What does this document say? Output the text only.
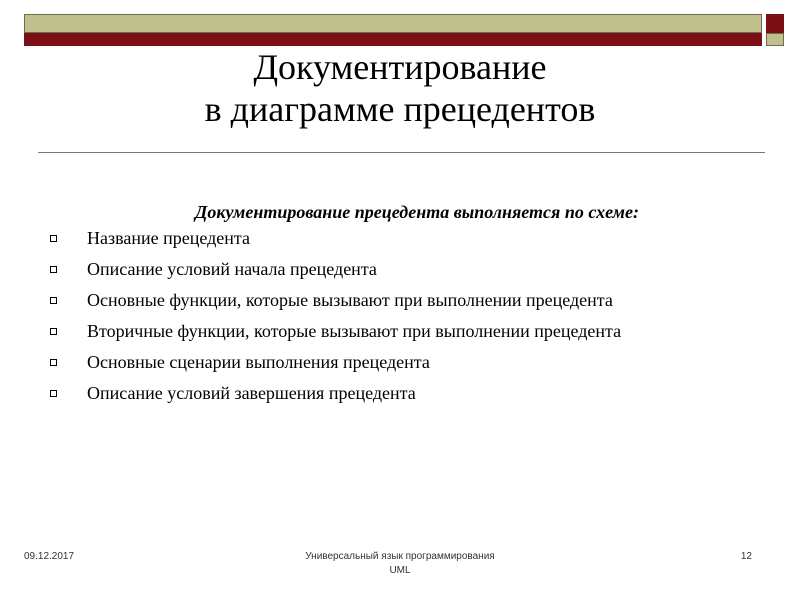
Документирование
в диаграмме прецедентов
Документирование прецедента выполняется по схеме:
Название прецедента
Описание условий начала прецедента
Основные функции, которые вызывают при выполнении прецедента
Вторичные функции, которые вызывают при выполнении прецедента
Основные сценарии выполнения прецедента
Описание условий завершения прецедента
09.12.2017	Универсальный язык программирования
UML
12
